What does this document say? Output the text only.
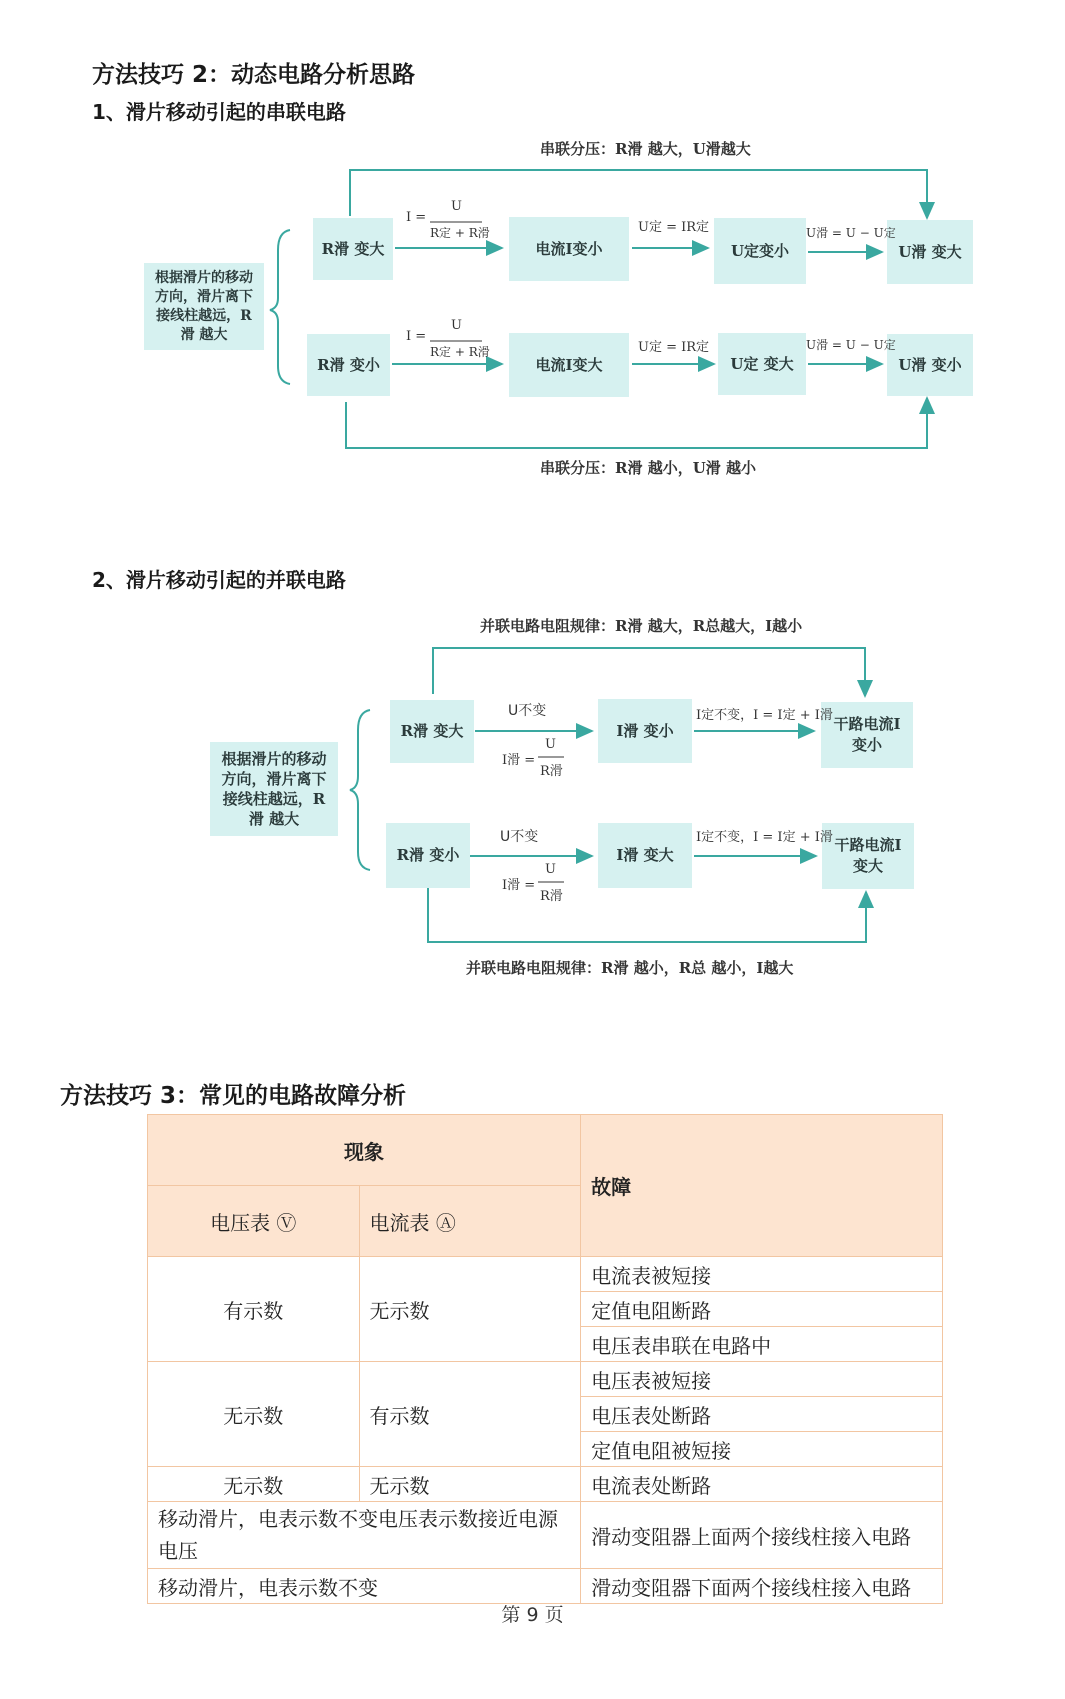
方法技巧 2：动态电路分析思路
1、滑片移动引起的串联电路
串联分压：R滑 越大，U滑越大
根据滑片的移动方向，滑片离下接线柱越远，R滑 越大
R滑 变大	电流I变小	U定变小	U滑 变大
R滑 变小	电流I变大	U定 变大	U滑 变小
I =
U
R定 + R滑	U定 = IR定	U滑 = U − U定
I =
U
R定 + R滑	U定 = IR定	U滑 = U − U定
串联分压：R滑 越小，U滑 越小
2、滑片移动引起的并联电路
并联电路电阻规律：R滑 越大，R总越大，I越小
根据滑片的移动方向，滑片离下接线柱越远，R滑 越大
R滑 变大	I滑 变小	干路电流I变小
R滑 变小	I滑 变大
干路电流I变大
U不变
I滑 =
U
R滑
I定不变，I = I定 + I滑
U不变
I滑 =
U
R滑
I定不变，I = I定 + I滑
并联电路电阻规律：R滑 越小，R总 越小，I越大
方法技巧 3：常见的电路故障分析
现象		故障
电压表 Ⓥ	电流表 Ⓐ	
有示数	无示数	电流表被短接
		定值电阻断路
		电压表串联在电路中
无示数	有示数	电压表被短接
		电压表处断路
		定值电阻被短接
无示数	无示数	电流表处断路
移动滑片，电表示数不变电压表示数接近电源电压		滑动变阻器上面两个接线柱接入电路
移动滑片，电表示数不变		滑动变阻器下面两个接线柱接入电路
第 9 页
